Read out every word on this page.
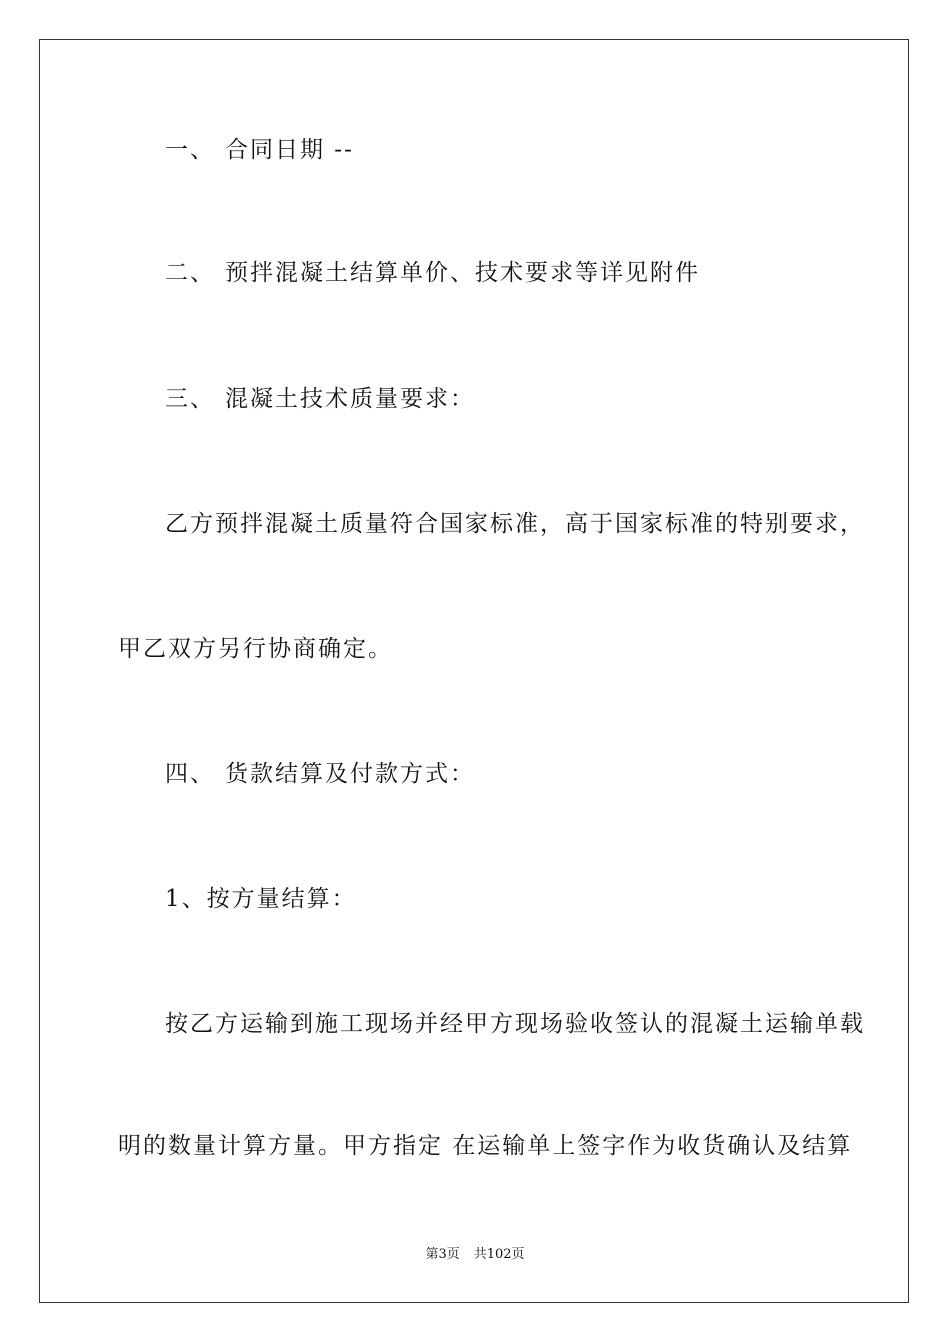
一、 合同日期 --
二、 预拌混凝土结算单价、技术要求等详见附件
三、 混凝土技术质量要求：
乙方预拌混凝土质量符合国家标准，高于国家标准的特别要求，
甲乙双方另行协商确定。
四、 货款结算及付款方式：
1、按方量结算：
按乙方运输到施工现场并经甲方现场验收签认的混凝土运输单载
明的数量计算方量。甲方指定 在运输单上签字作为收货确认及结算
第3页 共102页
